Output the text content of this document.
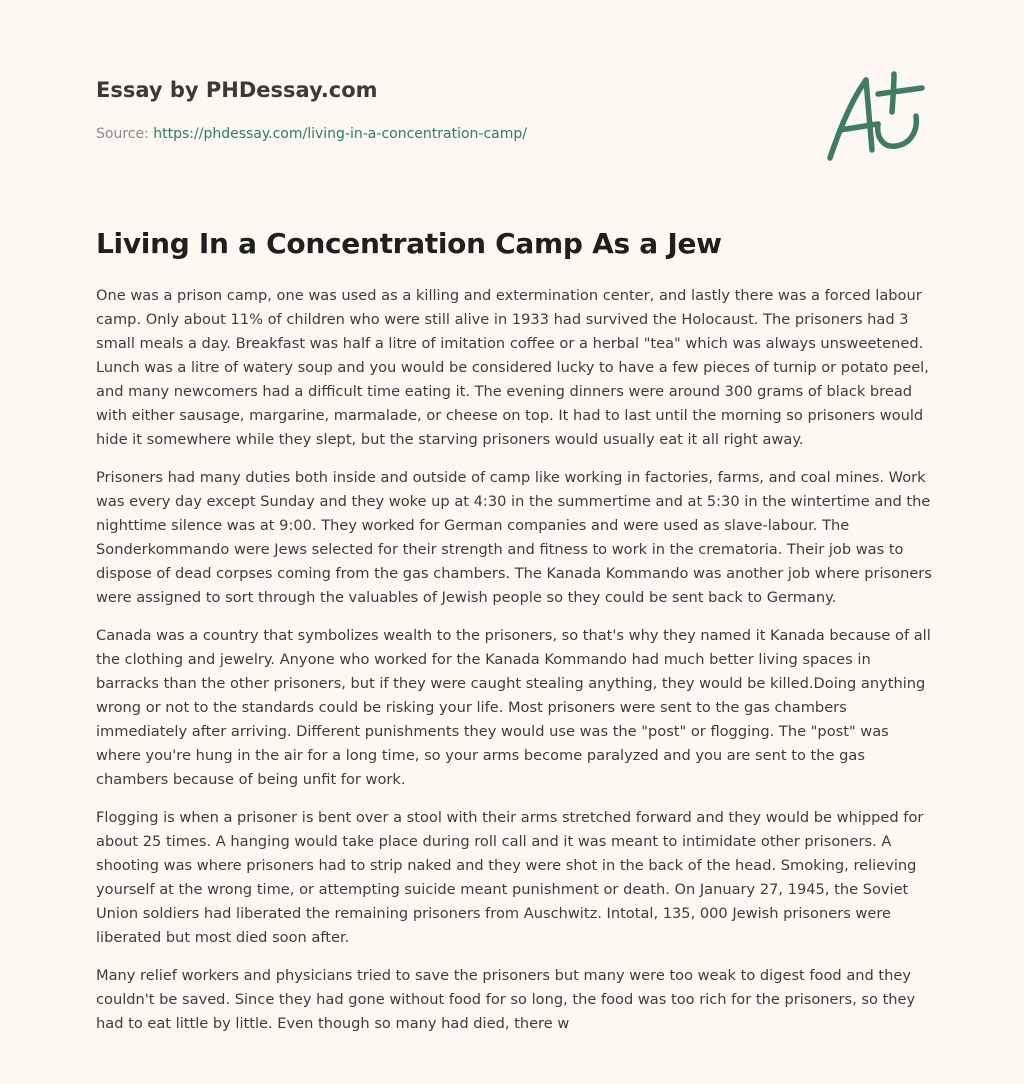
Essay by PHDessay.com
Source: https://phdessay.com/living-in-a-concentration-camp/
Living In a Concentration Camp As a Jew

One was a prison camp, one was used as a killing and extermination center, and lastly there was a forced labour camp. Only about 11% of children who were still alive in 1933 had survived the Holocaust. The prisoners had 3 small meals a day. Breakfast was half a litre of imitation coffee or a herbal "tea" which was always unsweetened. Lunch was a litre of watery soup and you would be considered lucky to have a few pieces of turnip or potato peel, and many newcomers had a difficult time eating it. The evening dinners were around 300 grams of black bread with either sausage, margarine, marmalade, or cheese on top. It had to last until the morning so prisoners would hide it somewhere while they slept, but the starving prisoners would usually eat it all right away.

Prisoners had many duties both inside and outside of camp like working in factories, farms, and coal mines. Work was every day except Sunday and they woke up at 4:30 in the summertime and at 5:30 in the wintertime and the nighttime silence was at 9:00. They worked for German companies and were used as slave-labour. The Sonderkommando were Jews selected for their strength and fitness to work in the crematoria. Their job was to dispose of dead corpses coming from the gas chambers. The Kanada Kommando was another job where prisoners were assigned to sort through the valuables of Jewish people so they could be sent back to Germany.

Canada was a country that symbolizes wealth to the prisoners, so that's why they named it Kanada because of all the clothing and jewelry. Anyone who worked for the Kanada Kommando had much better living spaces in barracks than the other prisoners, but if they were caught stealing anything, they would be killed.Doing anything wrong or not to the standards could be risking your life. Most prisoners were sent to the gas chambers immediately after arriving. Different punishments they would use was the "post" or flogging. The "post" was where you're hung in the air for a long time, so your arms become paralyzed and you are sent to the gas chambers because of being unfit for work.

Flogging is when a prisoner is bent over a stool with their arms stretched forward and they would be whipped for about 25 times. A hanging would take place during roll call and it was meant to intimidate other prisoners. A shooting was where prisoners had to strip naked and they were shot in the back of the head. Smoking, relieving yourself at the wrong time, or attempting suicide meant punishment or death. On January 27, 1945, the Soviet Union soldiers had liberated the remaining prisoners from Auschwitz. Intotal, 135, 000 Jewish prisoners were liberated but most died soon after.

Many relief workers and physicians tried to save the prisoners but many were too weak to digest food and they couldn't be saved. Since they had gone without food for so long, the food was too rich for the prisoners, so they had to eat little by little. Even though so many had died, there w
